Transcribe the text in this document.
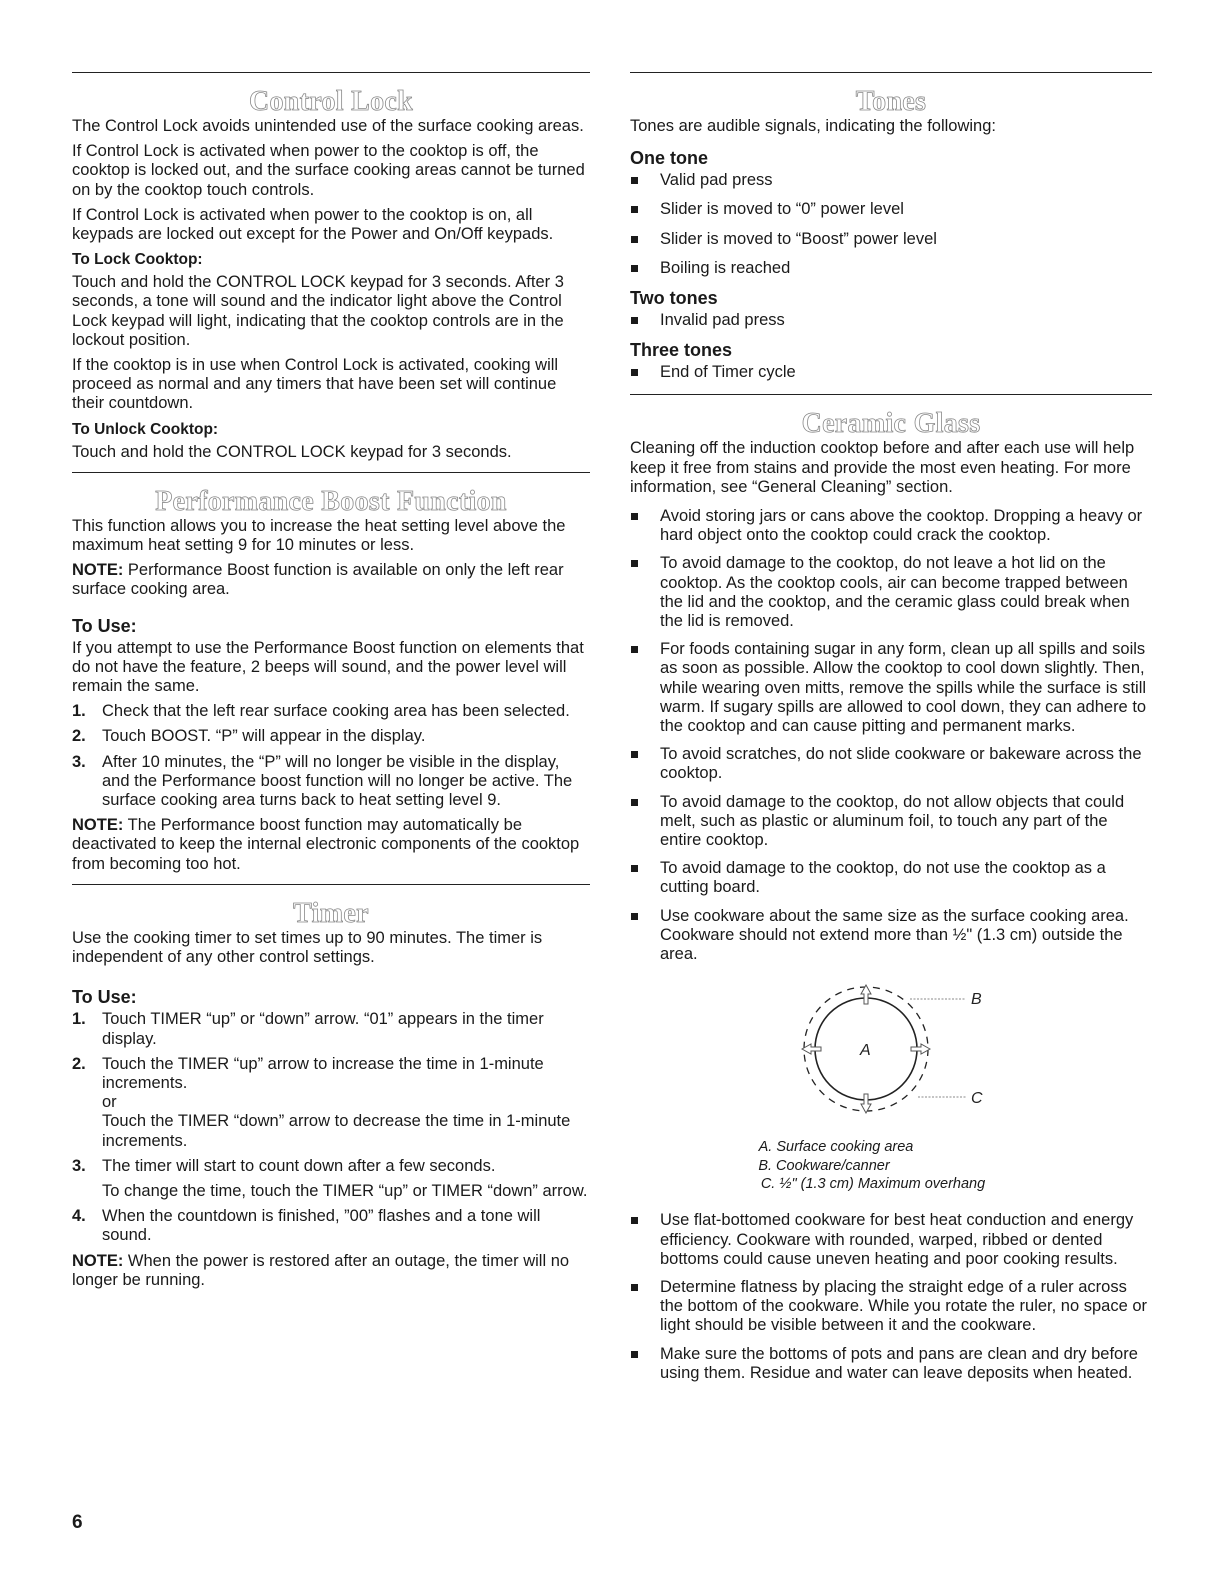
Control Lock

The Control Lock avoids unintended use of the surface cooking areas.

If Control Lock is activated when power to the cooktop is off, the cooktop is locked out, and the surface cooking areas cannot be turned on by the cooktop touch controls.

If Control Lock is activated when power to the cooktop is on, all keypads are locked out except for the Power and On/Off keypads.

To Lock Cooktop:

Touch and hold the CONTROL LOCK keypad for 3 seconds. After 3 seconds, a tone will sound and the indicator light above the Control Lock keypad will light, indicating that the cooktop controls are in the lockout position.

If the cooktop is in use when Control Lock is activated, cooking will proceed as normal and any timers that have been set will continue their countdown.

To Unlock Cooktop:

Touch and hold the CONTROL LOCK keypad for 3 seconds.

Performance Boost Function

This function allows you to increase the heat setting level above the maximum heat setting 9 for 10 minutes or less.

NOTE: Performance Boost function is available on only the left rear surface cooking area.

To Use:

If you attempt to use the Performance Boost function on elements that do not have the feature, 2 beeps will sound, and the power level will remain the same.

1. Check that the left rear surface cooking area has been selected.
2. Touch BOOST. “P” will appear in the display.
3. After 10 minutes, the “P” will no longer be visible in the display, and the Performance boost function will no longer be active. The surface cooking area turns back to heat setting level 9.

NOTE: The Performance boost function may automatically be deactivated to keep the internal electronic components of the cooktop from becoming too hot.

Timer

Use the cooking timer to set times up to 90 minutes. The timer is independent of any other control settings.

To Use:
1. Touch TIMER “up” or “down” arrow. “01” appears in the timer display.
2. Touch the TIMER “up” arrow to increase the time in 1-minute increments.
or
Touch the TIMER “down” arrow to decrease the time in 1-minute increments.
3. The timer will start to count down after a few seconds.
To change the time, touch the TIMER “up” or TIMER “down” arrow.
4. When the countdown is finished, ”00” flashes and a tone will sound.

NOTE: When the power is restored after an outage, the timer will no longer be running.

Tones

Tones are audible signals, indicating the following:

One tone
Valid pad press
Slider is moved to “0” power level
Slider is moved to “Boost” power level
Boiling is reached
Two tones
Invalid pad press
Three tones
End of Timer cycle
Ceramic Glass

Cleaning off the induction cooktop before and after each use will help keep it free from stains and provide the most even heating. For more information, see “General Cleaning” section.

Avoid storing jars or cans above the cooktop. Dropping a heavy or hard object onto the cooktop could crack the cooktop.
To avoid damage to the cooktop, do not leave a hot lid on the cooktop. As the cooktop cools, air can become trapped between the lid and the cooktop, and the ceramic glass could break when the lid is removed.
For foods containing sugar in any form, clean up all spills and soils as soon as possible. Allow the cooktop to cool down slightly. Then, while wearing oven mitts, remove the spills while the surface is still warm. If sugary spills are allowed to cool down, they can adhere to the cooktop and can cause pitting and permanent marks.
To avoid scratches, do not slide cookware or bakeware across the cooktop.
To avoid damage to the cooktop, do not allow objects that could melt, such as plastic or aluminum foil, to touch any part of the entire cooktop.
To avoid damage to the cooktop, do not use the cooktop as a cutting board.
Use cookware about the same size as the surface cooking area. Cookware should not extend more than ½" (1.3 cm) outside the area.
A
B
C
A. Surface cooking area
B. Cookware/canner
C. ½" (1.3 cm) Maximum overhang
Use flat-bottomed cookware for best heat conduction and energy efficiency. Cookware with rounded, warped, ribbed or dented bottoms could cause uneven heating and poor cooking results.
Determine flatness by placing the straight edge of a ruler across the bottom of the cookware. While you rotate the ruler, no space or light should be visible between it and the cookware.
Make sure the bottoms of pots and pans are clean and dry before using them. Residue and water can leave deposits when heated.
6
